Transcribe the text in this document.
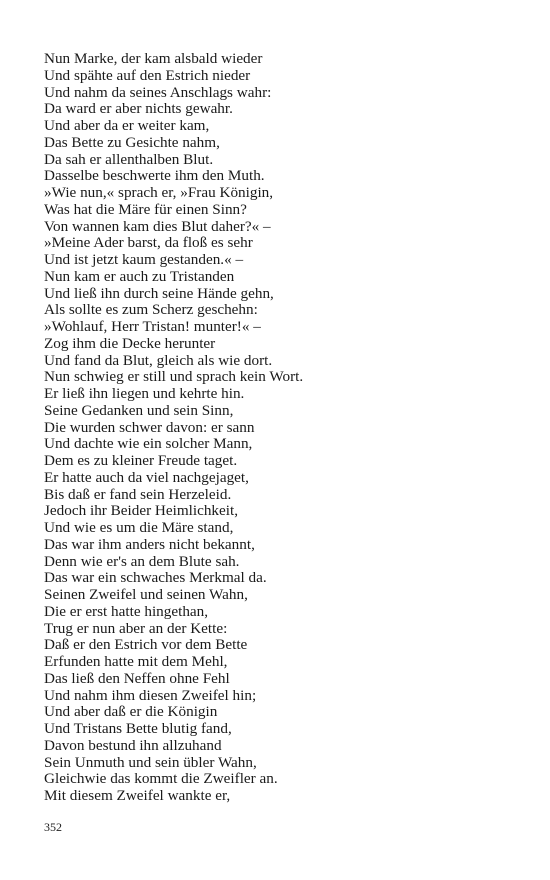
Nun Marke, der kam alsbald wieder
Und spähte auf den Estrich nieder
Und nahm da seines Anschlags wahr:
Da ward er aber nichts gewahr.
Und aber da er weiter kam,
Das Bette zu Gesichte nahm,
Da sah er allenthalben Blut.
Dasselbe beschwerte ihm den Muth.
»Wie nun,« sprach er, »Frau Königin,
Was hat die Märe für einen Sinn?
Von wannen kam dies Blut daher?« –
»Meine Ader barst, da floß es sehr
Und ist jetzt kaum gestanden.« –
Nun kam er auch zu Tristanden
Und ließ ihn durch seine Hände gehn,
Als sollte es zum Scherz geschehn:
»Wohlauf, Herr Tristan! munter!« –
Zog ihm die Decke herunter
Und fand da Blut, gleich als wie dort.
Nun schwieg er still und sprach kein Wort.
Er ließ ihn liegen und kehrte hin.
Seine Gedanken und sein Sinn,
Die wurden schwer davon: er sann
Und dachte wie ein solcher Mann,
Dem es zu kleiner Freude taget.
Er hatte auch da viel nachgejaget,
Bis daß er fand sein Herzeleid.
Jedoch ihr Beider Heimlichkeit,
Und wie es um die Märe stand,
Das war ihm anders nicht bekannt,
Denn wie er's an dem Blute sah.
Das war ein schwaches Merkmal da.
Seinen Zweifel und seinen Wahn,
Die er erst hatte hingethan,
Trug er nun aber an der Kette:
Daß er den Estrich vor dem Bette
Erfunden hatte mit dem Mehl,
Das ließ den Neffen ohne Fehl
Und nahm ihm diesen Zweifel hin;
Und aber daß er die Königin
Und Tristans Bette blutig fand,
Davon bestund ihn allzuhand
Sein Unmuth und sein übler Wahn,
Gleichwie das kommt die Zweifler an.
Mit diesem Zweifel wankte er,
352
